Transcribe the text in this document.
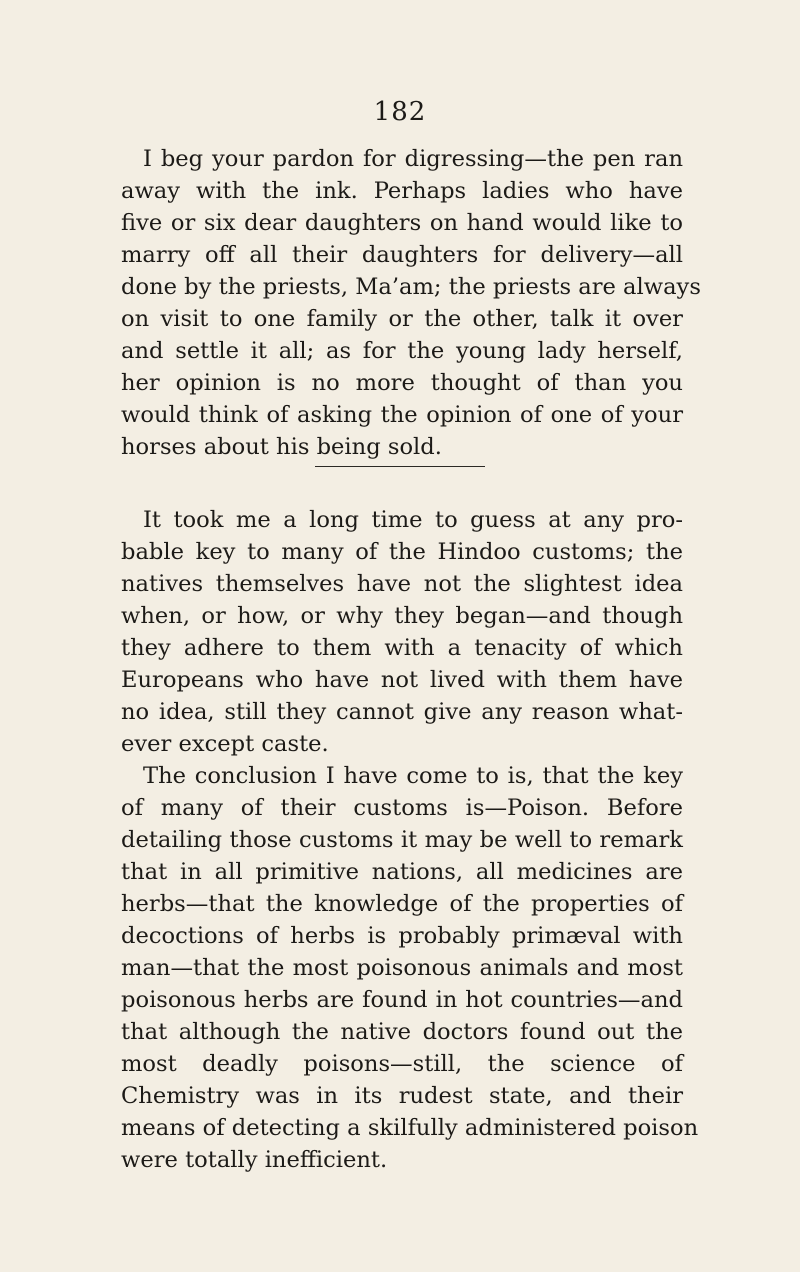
182

I beg your pardon for digressing—the pen ran
away with the ink. Perhaps ladies who have
five or six dear daughters on hand would like to
marry off all their daughters for delivery—all
done by the priests, Ma’am; the priests are always
on visit to one family or the other, talk it over
and settle it all; as for the young lady herself,
her opinion is no more thought of than you
would think of asking the opinion of one of your
horses about his being sold.

It took me a long time to guess at any pro-
bable key to many of the Hindoo customs; the
natives themselves have not the slightest idea
when, or how, or why they began—and though
they adhere to them with a tenacity of which
Europeans who have not lived with them have
no idea, still they cannot give any reason what-
ever except caste.

The conclusion I have come to is, that the key
of many of their customs is—Poison. Before
detailing those customs it may be well to remark
that in all primitive nations, all medicines are
herbs—that the knowledge of the properties of
decoctions of herbs is probably primæval with
man—that the most poisonous animals and most
poisonous herbs are found in hot countries—and
that although the native doctors found out the
most deadly poisons—still, the science of
Chemistry was in its rudest state, and their
means of detecting a skilfully administered poison
were totally inefficient.
